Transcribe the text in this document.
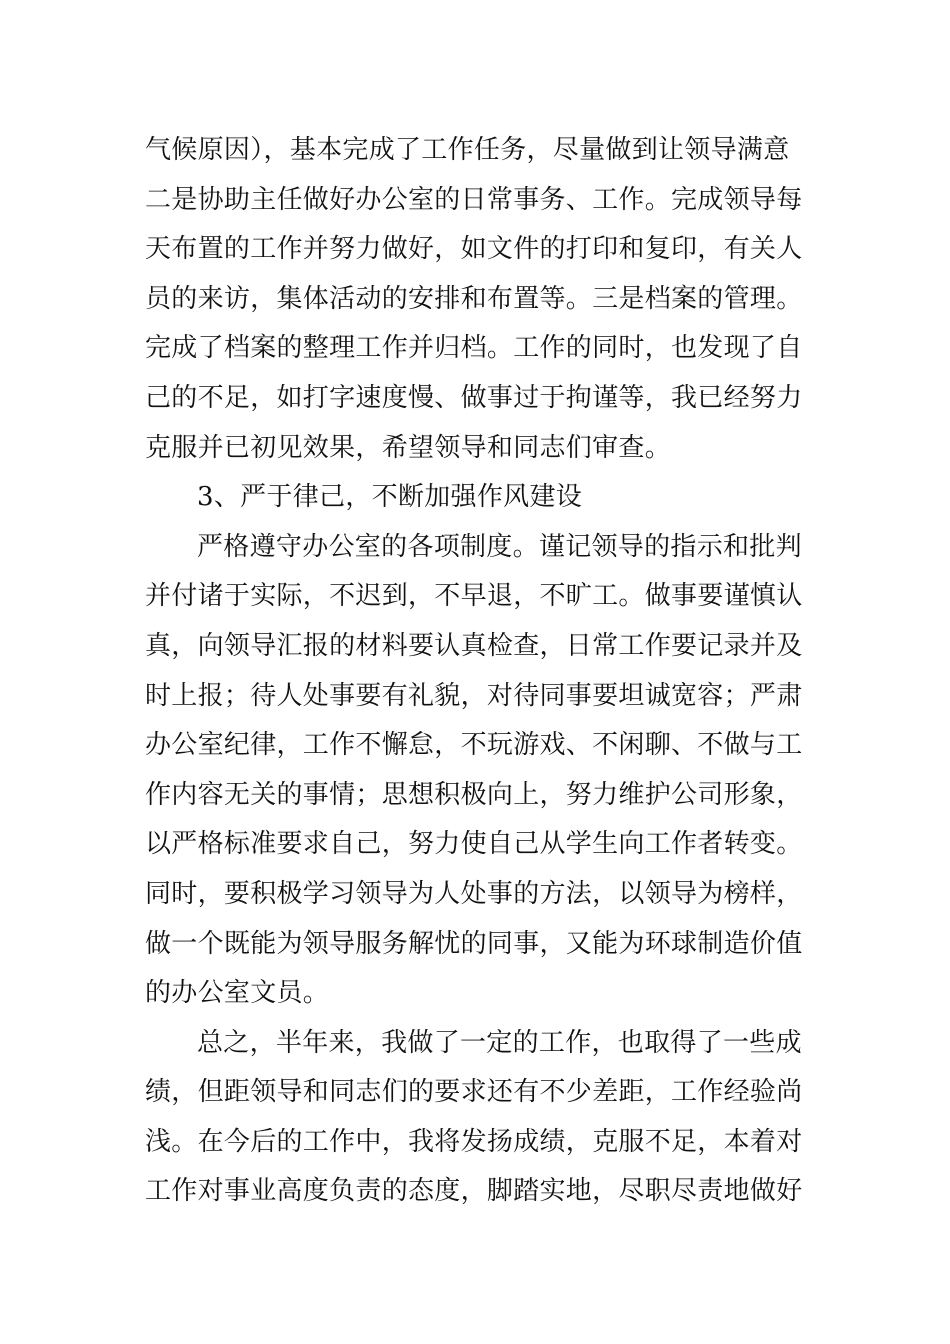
气候原因），基本完成了工作任务，尽量做到让领导满意
二是协助主任做好办公室的日常事务、工作。完成领导每
天布置的工作并努力做好，如文件的打印和复印，有关人
员的来访，集体活动的安排和布置等。三是档案的管理。
完成了档案的整理工作并归档。工作的同时，也发现了自
己的不足，如打字速度慢、做事过于拘谨等，我已经努力
克服并已初见效果，希望领导和同志们审查。
3、严于律己，不断加强作风建设
严格遵守办公室的各项制度。谨记领导的指示和批判
并付诸于实际，不迟到，不早退，不旷工。做事要谨慎认
真，向领导汇报的材料要认真检查，日常工作要记录并及
时上报；待人处事要有礼貌，对待同事要坦诚宽容；严肃
办公室纪律，工作不懈怠，不玩游戏、不闲聊、不做与工
作内容无关的事情；思想积极向上，努力维护公司形象，
以严格标准要求自己，努力使自己从学生向工作者转变。
同时，要积极学习领导为人处事的方法，以领导为榜样，
做一个既能为领导服务解忧的同事，又能为环球制造价值
的办公室文员。
总之，半年来，我做了一定的工作，也取得了一些成
绩，但距领导和同志们的要求还有不少差距，工作经验尚
浅。在今后的工作中，我将发扬成绩，克服不足，本着对
工作对事业高度负责的态度，脚踏实地，尽职尽责地做好
